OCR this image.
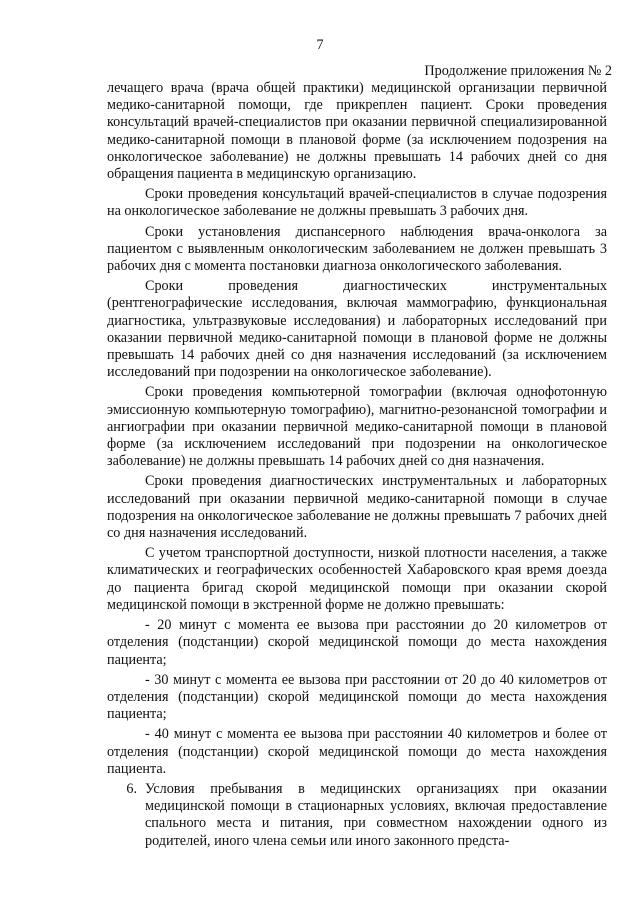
7
Продолжение приложения № 2

лечащего врача (врача общей практики) медицинской организации первичной медико-санитарной помощи, где прикреплен пациент. Сроки проведения консультаций врачей-специалистов при оказании первичной специализированной медико-санитарной помощи в плановой форме (за исключением подозрения на онкологическое заболевание) не должны превышать 14 рабочих дней со дня обращения пациента в медицинскую организацию.

Сроки проведения консультаций врачей-специалистов в случае подозрения на онкологическое заболевание не должны превышать 3 рабочих дня.

Сроки установления диспансерного наблюдения врача-онколога за пациентом с выявленным онкологическим заболеванием не должен превышать 3 рабочих дня с момента постановки диагноза онкологического заболевания.

Сроки проведения диагностических инструментальных (рентгенографические исследования, включая маммографию, функциональная диагностика, ультразвуковые исследования) и лабораторных исследований при оказании первичной медико-санитарной помощи в плановой форме не должны превышать 14 рабочих дней со дня назначения исследований (за исключением исследований при подозрении на онкологическое заболевание).

Сроки проведения компьютерной томографии (включая однофотонную эмиссионную компьютерную томографию), магнитно-резонансной томографии и ангиографии при оказании первичной медико-санитарной помощи в плановой форме (за исключением исследований при подозрении на онкологическое заболевание) не должны превышать 14 рабочих дней со дня назначения.

Сроки проведения диагностических инструментальных и лабораторных исследований при оказании первичной медико-санитарной помощи в случае подозрения на онкологическое заболевание не должны превышать 7 рабочих дней со дня назначения исследований.

С учетом транспортной доступности, низкой плотности населения, а также климатических и географических особенностей Хабаровского края время доезда до пациента бригад скорой медицинской помощи при оказании скорой медицинской помощи в экстренной форме не должно превышать:

- 20 минут с момента ее вызова при расстоянии до 20 километров от отделения (подстанции) скорой медицинской помощи до места нахождения пациента;

- 30 минут с момента ее вызова при расстоянии от 20 до 40 километров от отделения (подстанции) скорой медицинской помощи до места нахождения пациента;

- 40 минут с момента ее вызова при расстоянии 40 километров и более от отделения (подстанции) скорой медицинской помощи до места нахождения пациента.

6. Условия пребывания в медицинских организациях при оказании медицинской помощи в стационарных условиях, включая предоставление спального места и питания, при совместном нахождении одного из родителей, иного члена семьи или иного законного предста-
